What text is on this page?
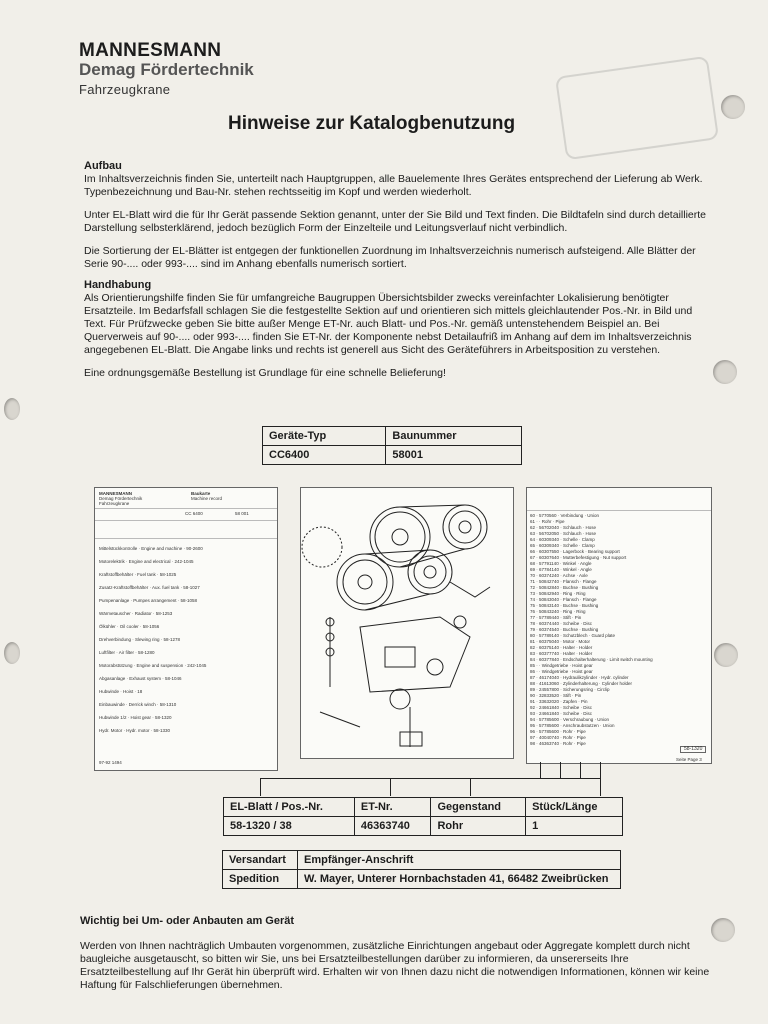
MANNESMANN
Demag Fördertechnik
Fahrzeugkrane
Hinweise zur Katalogbenutzung
Aufbau

Im Inhaltsverzeichnis finden Sie, unterteilt nach Hauptgruppen, alle Bauelemente Ihres Gerätes entsprechend der Lieferung ab Werk. Typenbezeichnung und Bau-Nr. stehen rechtsseitig im Kopf und werden wiederholt.

Unter EL-Blatt wird die für Ihr Gerät passende Sektion genannt, unter der Sie Bild und Text finden. Die Bildtafeln sind durch detaillierte Darstellung selbsterklärend, jedoch bezüglich Form der Einzelteile und Leitungsverlauf nicht verbindlich.

Die Sortierung der EL-Blätter ist entgegen der funktionellen Zuordnung im Inhaltsverzeichnis numerisch aufsteigend. Alle Blätter der Serie 90-.... oder 993-.... sind im Anhang ebenfalls numerisch sortiert.

Handhabung

Als Orientierungshilfe finden Sie für umfangreiche Baugruppen Übersichtsbilder zwecks vereinfachter Lokalisierung benötigter Ersatzteile. Im Bedarfsfall schlagen Sie die festgestellte Sektion auf und orientieren sich mittels gleichlautender Pos.-Nr. in Bild und Text. Für Prüfzwecke geben Sie bitte außer Menge ET-Nr. auch Blatt- und Pos.-Nr. gemäß untenstehendem Beispiel an. Bei Querverweis auf 90-.... oder 993-.... finden Sie ET-Nr. der Komponente nebst Detailaufriß im Anhang auf dem im Inhaltsverzeichnis angegebenen EL-Blatt. Die Angabe links und rechts ist generell aus Sicht des Geräteführers in Arbeitsposition zu verstehen.

Eine ordnungsgemäße Bestellung ist Grundlage für eine schnelle Belieferung!

Geräte-Typ	Baunummer
CC6400	58001
MANNESMANN
Demag Fördertechnik
Fahrzeugkrane
Baukarte
Machine record
CC 6400	58 001
Mittelstückkontrolle · Engine and machine · 90-2600
Motorelektrik · Engine and electrical · 242-1045
Kraftstoffbehälter · Fuel tank · 58-1025
Zusatz-Kraftstoffbehälter · Aux. fuel tank · 58-1027
Pumpenanlage · Pumpes arrangement · 58-1058
Wärmetauscher · Radiator · 58-1253
Ölkühler · Oil cooler · 58-1056
Drehverbindung · Slewing ring · 58-1278
Luftfilter · Air filter · 58-1280
Motorabstützung · Engine and suspension · 242-1045
Abgasanlage · Exhaust system · 58-1046
Hubwinde · Hoist · 18
Einbauwinde · Derrick winch · 58-1310
Hubwinde 1/2 · Hoist gear · 58-1320
Hydr. Motor · Hydr. motor · 58-1330
97-92 1494
60 · 5770560 · Verbindung · Union
61 · · Rohr · Pipe
62 · 56702040 · Schlauch · Hose
63 · 56702050 · Schlauch · Hose
64 · 60309340 · Schelle · Clamp
65 · 60309340 · Schelle · Clamp
66 · 60307550 · Lagerbock · Bearing support
67 · 60307640 · Mutterbefestigung · Nut support
68 · 57791140 · Winkel · Angle
69 · 67784140 · Winkel · Angle
70 · 60374240 · Achse · Axle
71 · 50842740 · Flansch · Flange
72 · 50842840 · Buchse · Bushing
73 · 50842940 · Ring · Ring
74 · 50843040 · Flansch · Flange
75 · 50843140 · Buchse · Bushing
76 · 50843240 · Ring · Ring
77 · 57789440 · Stift · Pin
78 · 60374440 · Scheibe · Disc
79 · 60374540 · Buchse · Bushing
80 · 57789140 · Schutzblech · Guard plate
81 · 60375040 · Motor · Motor
82 · 60375140 · Halter · Holder
83 · 60377740 · Halter · Holder
84 · 60377840 · Endschalterhalterung · Limit switch mounting
85 · · Windgetriebe · Hoist gear
86 · · Windgetriebe · Hoist gear
87 · 46174040 · Hydraulikzylinder · Hydr. cylinder
88 · 41613060 · Zylinderhalterung · Cylinder holder
89 · 24557800 · Sicherungsring · Circlip
90 · 32833520 · Stift · Pin
91 · 33632020 · Zapfen · Pin
92 · 24661840 · Scheibe · Disc
93 · 24661840 · Scheibe · Disc
94 · 57785600 · Verschraubung · Union
95 · 57785600 · Anschraubstutzen · Union
96 · 57785600 · Rohr · Pipe
97 · 40040740 · Rohr · Pipe
98 · 46363740 · Rohr · Pipe
58-1320
Seite Page 3
EL-Blatt / Pos.-Nr.	ET-Nr.	Gegenstand	Stück/Länge
58-1320 / 38	46363740	Rohr	1
Versandart	Empfänger-Anschrift
Spedition	W. Mayer, Unterer Hornbachstaden 41, 66482 Zweibrücken
Wichtig bei Um- oder Anbauten am Gerät
Werden von Ihnen nachträglich Umbauten vorgenommen, zusätzliche Einrichtungen angebaut oder Aggregate komplett durch nicht baugleiche ausgetauscht, so bitten wir Sie, uns bei Ersatzteilbestellungen darüber zu informieren, da unsererseits Ihre Ersatzteilbestellung auf Ihr Gerät hin überprüft wird. Erhalten wir von Ihnen dazu nicht die notwendigen Informationen, können wir keine Haftung für Falschlieferungen übernehmen.
